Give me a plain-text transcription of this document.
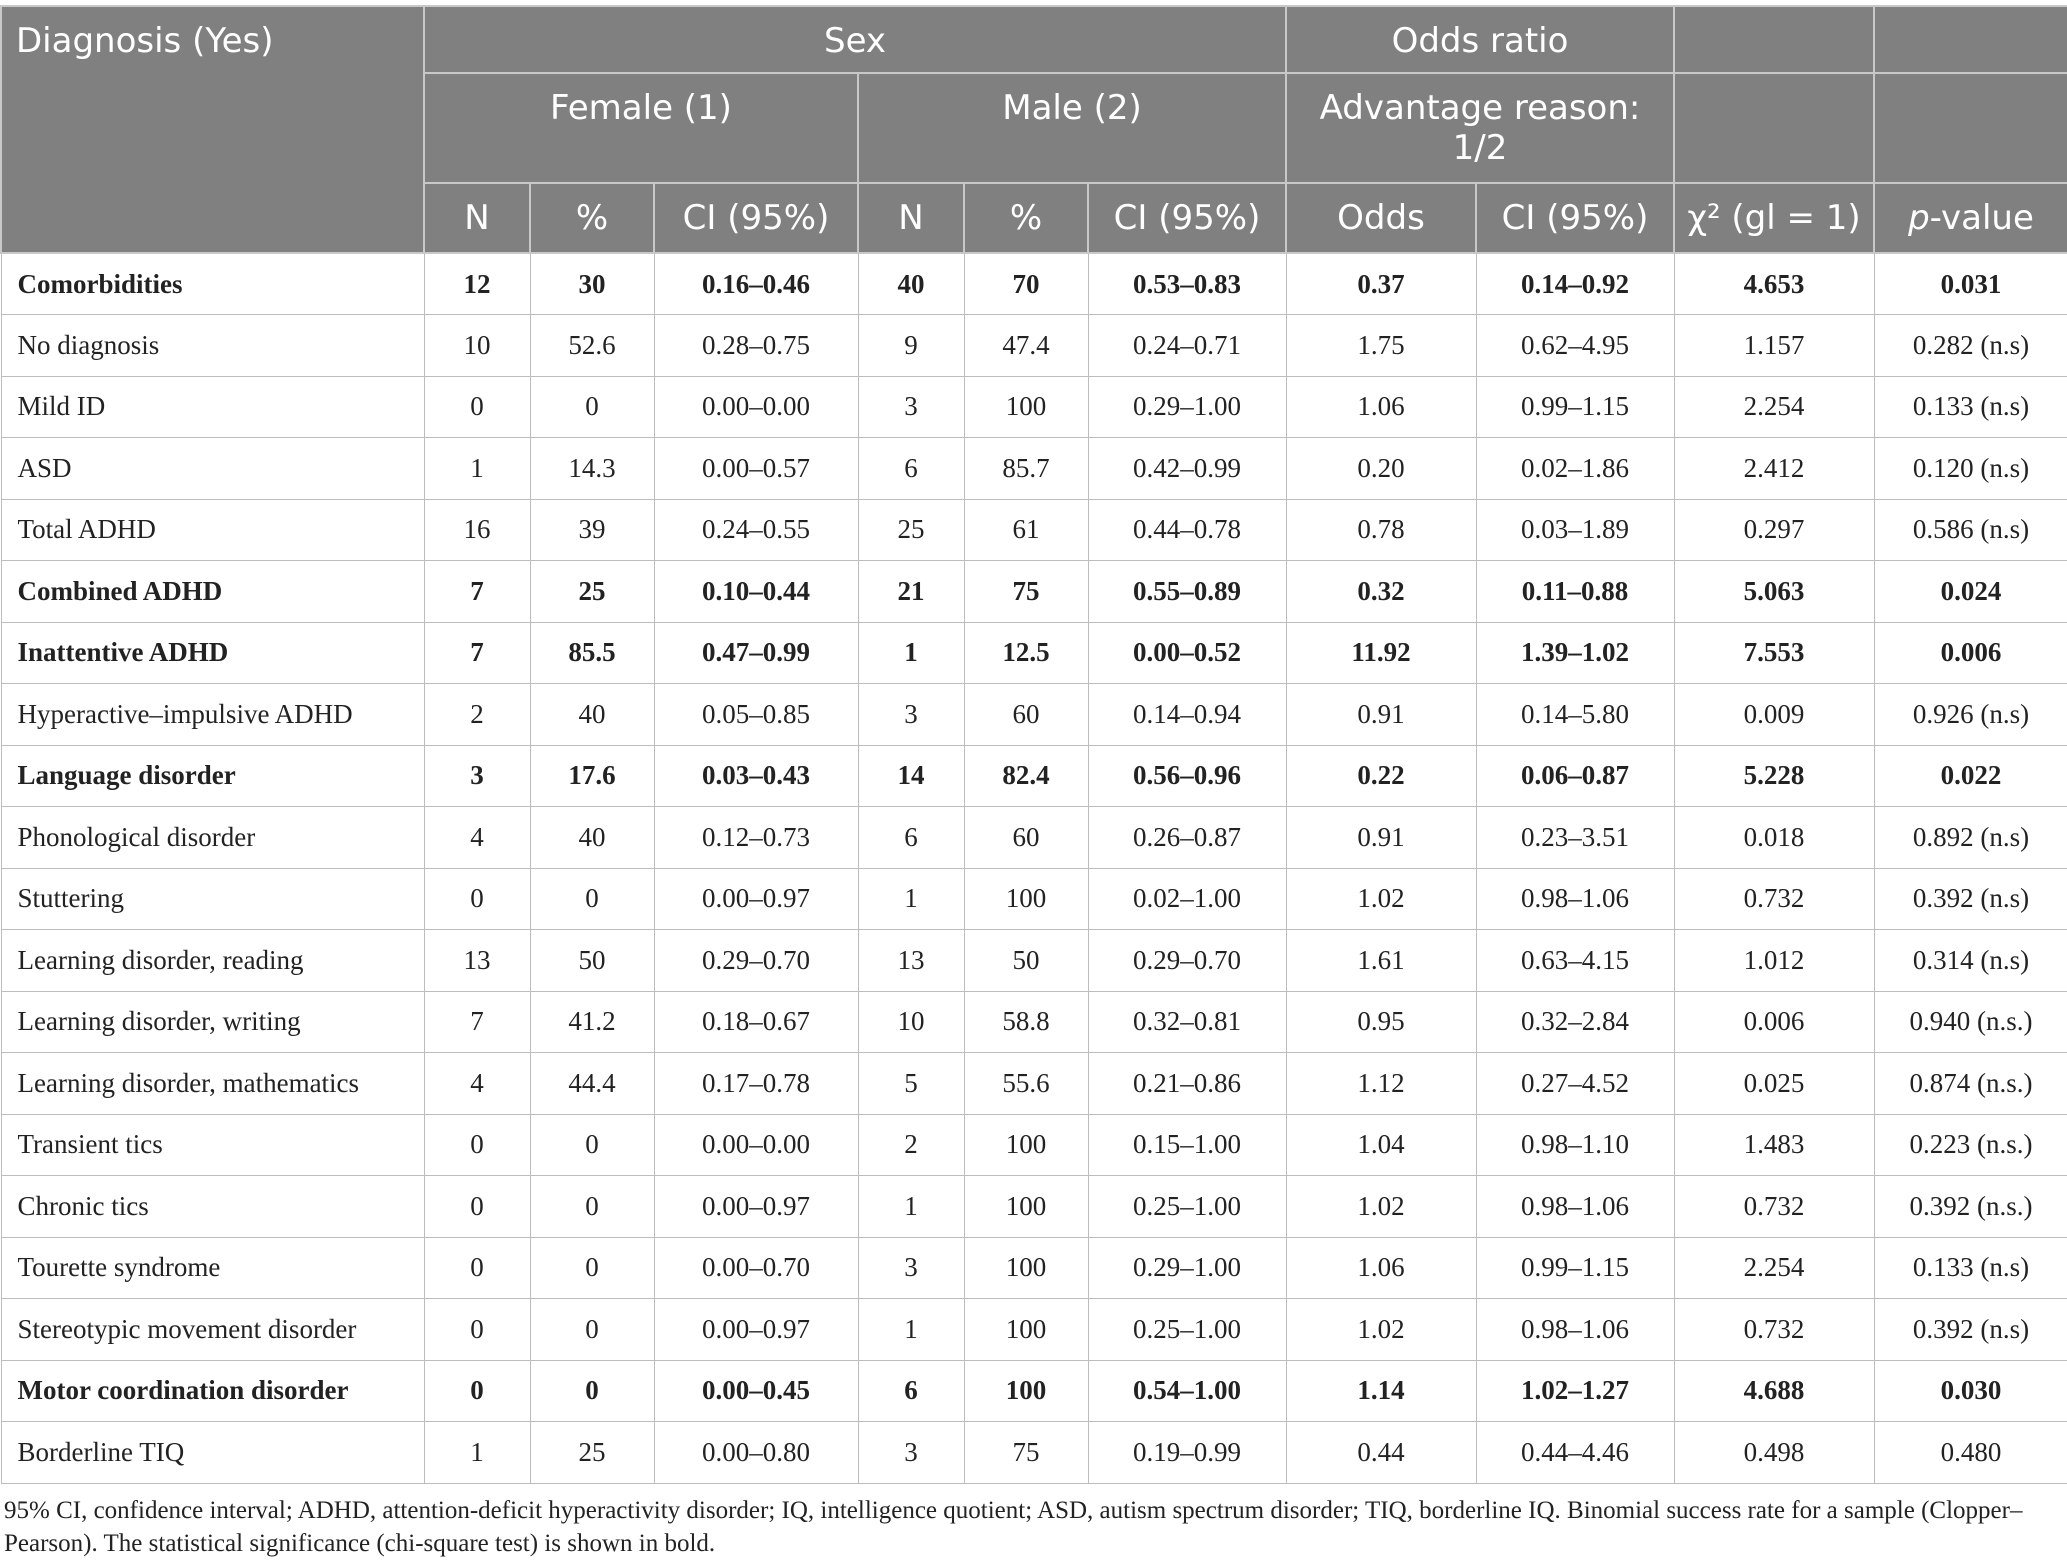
Diagnosis (Yes)	Sex						Odds ratio			
	Female (1)			Male (2)			Advantage reason: 1/2			
	N	%	CI (95%)	N	%	CI (95%)	Odds	CI (95%)	χ² (gl = 1)	p-value
Comorbidities	12	30	0.16–0.46	40	70	0.53–0.83	0.37	0.14–0.92	4.653	0.031
No diagnosis	10	52.6	0.28–0.75	9	47.4	0.24–0.71	1.75	0.62–4.95	1.157	0.282 (n.s)
Mild ID	0	0	0.00–0.00	3	100	0.29–1.00	1.06	0.99–1.15	2.254	0.133 (n.s)
ASD	1	14.3	0.00–0.57	6	85.7	0.42–0.99	0.20	0.02–1.86	2.412	0.120 (n.s)
Total ADHD	16	39	0.24–0.55	25	61	0.44–0.78	0.78	0.03–1.89	0.297	0.586 (n.s)
Combined ADHD	7	25	0.10–0.44	21	75	0.55–0.89	0.32	0.11–0.88	5.063	0.024
Inattentive ADHD	7	85.5	0.47–0.99	1	12.5	0.00–0.52	11.92	1.39–1.02	7.553	0.006
Hyperactive–impulsive ADHD	2	40	0.05–0.85	3	60	0.14–0.94	0.91	0.14–5.80	0.009	0.926 (n.s)
Language disorder	3	17.6	0.03–0.43	14	82.4	0.56–0.96	0.22	0.06–0.87	5.228	0.022
Phonological disorder	4	40	0.12–0.73	6	60	0.26–0.87	0.91	0.23–3.51	0.018	0.892 (n.s)
Stuttering	0	0	0.00–0.97	1	100	0.02–1.00	1.02	0.98–1.06	0.732	0.392 (n.s)
Learning disorder, reading	13	50	0.29–0.70	13	50	0.29–0.70	1.61	0.63–4.15	1.012	0.314 (n.s)
Learning disorder, writing	7	41.2	0.18–0.67	10	58.8	0.32–0.81	0.95	0.32–2.84	0.006	0.940 (n.s.)
Learning disorder, mathematics	4	44.4	0.17–0.78	5	55.6	0.21–0.86	1.12	0.27–4.52	0.025	0.874 (n.s.)
Transient tics	0	0	0.00–0.00	2	100	0.15–1.00	1.04	0.98–1.10	1.483	0.223 (n.s.)
Chronic tics	0	0	0.00–0.97	1	100	0.25–1.00	1.02	0.98–1.06	0.732	0.392 (n.s.)
Tourette syndrome	0	0	0.00–0.70	3	100	0.29–1.00	1.06	0.99–1.15	2.254	0.133 (n.s)
Stereotypic movement disorder	0	0	0.00–0.97	1	100	0.25–1.00	1.02	0.98–1.06	0.732	0.392 (n.s)
Motor coordination disorder	0	0	0.00–0.45	6	100	0.54–1.00	1.14	1.02–1.27	4.688	0.030
Borderline TIQ	1	25	0.00–0.80	3	75	0.19–0.99	0.44	0.44–4.46	0.498	0.480
95% CI, confidence interval; ADHD, attention-deficit hyperactivity disorder; IQ, intelligence quotient; ASD, autism spectrum disorder; TIQ, borderline IQ. Binomial success rate for a sample (Clopper–Pearson). The statistical significance (chi-square test) is shown in bold.
